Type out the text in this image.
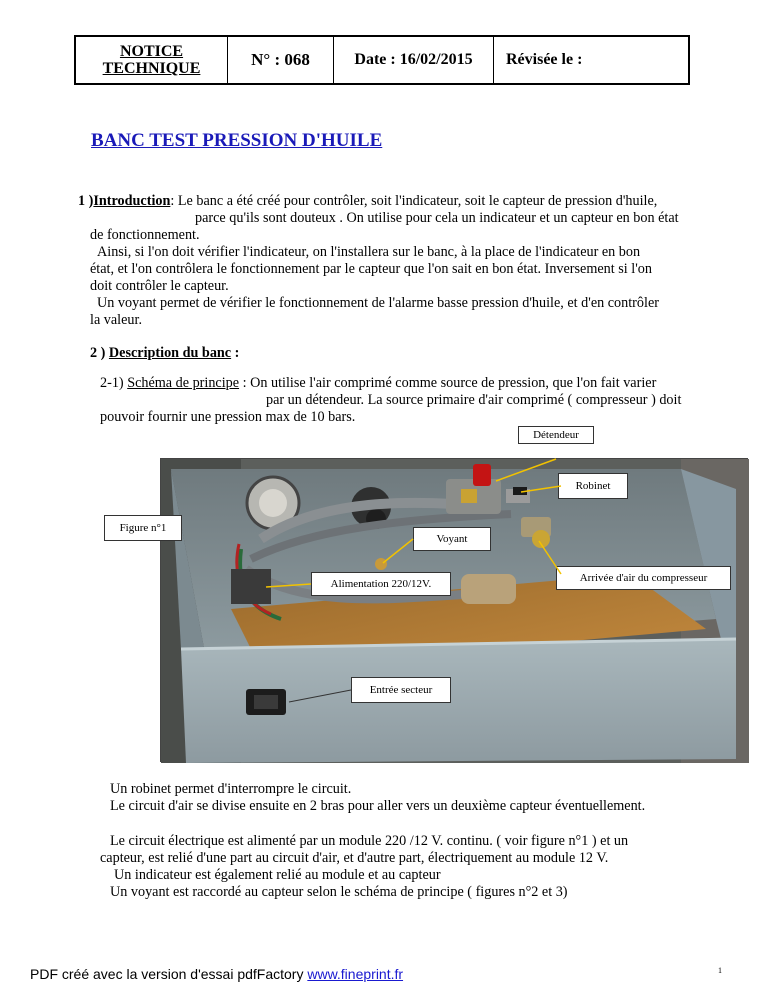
NOTICE
TECHNIQUE	N° : 068	Date : 16/02/2015	Révisée le :
BANC TEST PRESSION D'HUILE
1 )Introduction: Le banc a été créé pour contrôler, soit l'indicateur, soit le capteur de pression d'huile,
parce qu'ils sont douteux . On utilise pour cela un indicateur et un capteur en bon état
de fonctionnement.
Ainsi, si l'on doit vérifier l'indicateur, on l'installera sur le banc, à la place de l'indicateur en bon
état, et l'on contrôlera le fonctionnement par le capteur que l'on sait en bon état. Inversement si l'on
doit contrôler le capteur.
Un voyant permet de vérifier le fonctionnement de l'alarme basse pression d'huile, et d'en contrôler
la valeur.
2 ) Description du banc :
2-1) Schéma de principe : On utilise l'air comprimé comme source de pression, que l'on fait varier
par un détendeur. La source primaire d'air comprimé ( compresseur ) doit
pouvoir fournir une pression max de 10 bars.
Détendeur
Robinet
Voyant
Alimentation 220/12V.	Arrivée d'air du compresseur
Entrée secteur
Figure n°1
Un robinet permet d'interrompre le circuit.
Le circuit d'air se divise ensuite en 2 bras pour aller vers un deuxième capteur éventuellement.
Le circuit électrique est alimenté par un module 220 /12 V. continu. ( voir figure n°1 ) et un
capteur, est relié d'une part au circuit d'air, et d'autre part, électriquement au module 12 V.
Un indicateur est également relié au module et au capteur
Un voyant est raccordé au capteur selon le schéma de principe ( figures n°2 et 3)
PDF créé avec la version d'essai pdfFactory www.fineprint.fr	1
